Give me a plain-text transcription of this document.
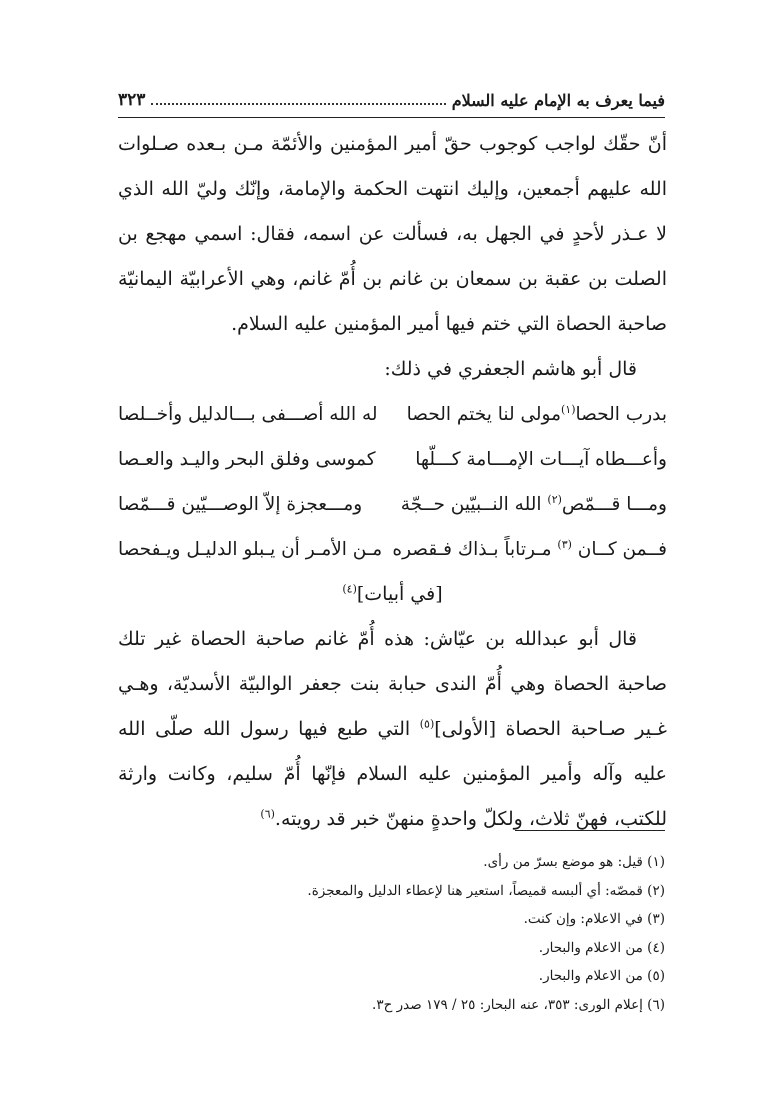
فيما يعرف به الإمام عليه السلام
٣٢٣

أنّ حقّك لواجب كوجوب حقّ أمير المؤمنين والأئمّة مـن بـعده صـلوات الله عليهم أجمعين، وإليك انتهت الحكمة والإمامة، وإنّك وليّ الله الذي لا عـذر لأحدٍ في الجهل به، فسألت عن اسمه، فقال: اسمي مهجع بن الصلت بن عقبة بن سمعان بن غانم بن أُمّ غانم، وهي الأعرابيّة اليمانيّة صاحبة الحصاة التي ختم فيها أمير المؤمنين عليه السلام.

قال أبو هاشم الجعفري في ذلك:

بدرب الحصا$^{(١)}$مولى لنا يختم الحصا
له الله أصـــفى بـــالدليل وأخــلصا
وأعـــطاه آيـــات الإمـــامة كـــلّها
كموسى وفلق البحر واليـد والعـصا
ومـــا قـــمّص$^{(٢)}$ الله النــبيّين حــجّة
ومـــعجزة إلاّ الوصـــيّين قـــمّصا
فــمن كــان $^{(٣)}$ مـرتاباً بـذاك فـقصره
مـن الأمـر أن يـبلو الدليـل ويـفحصا
[في أبيات]$^{(٤)}$

قال أبو عبدالله بن عيّاش: هذه أُمّ غانم صاحبة الحصاة غير تلك صاحبة الحصاة وهي أُمّ الندى حبابة بنت جعفر الوالبيّة الأسديّة، وهـي غـير صـاحبة الحصاة [الأولى]$^{(٥)}$ التي طبع فيها رسول الله صلّى الله عليه وآله وأمير المؤمنين عليه السلام فإنّها أُمّ سليم، وكانت وارثة للكتب، فهنّ ثلاث، ولكلّ واحدةٍ منهنّ خبر قد رويته.$^{(٦)}$

(١) قيل: هو موضع بسرّ من رأى.
(٢) قمصّه: أي ألبسه قميصاً، استعير هنا لإعطاء الدليل والمعجزة.
(٣) في الاعلام: وإن كنت.
(٤) من الاعلام والبحار.
(٥) من الاعلام والبحار.
(٦) إعلام الورى: ٣٥٣، عنه البحار: ٢٥ / ١٧٩ صدر ح٣.
